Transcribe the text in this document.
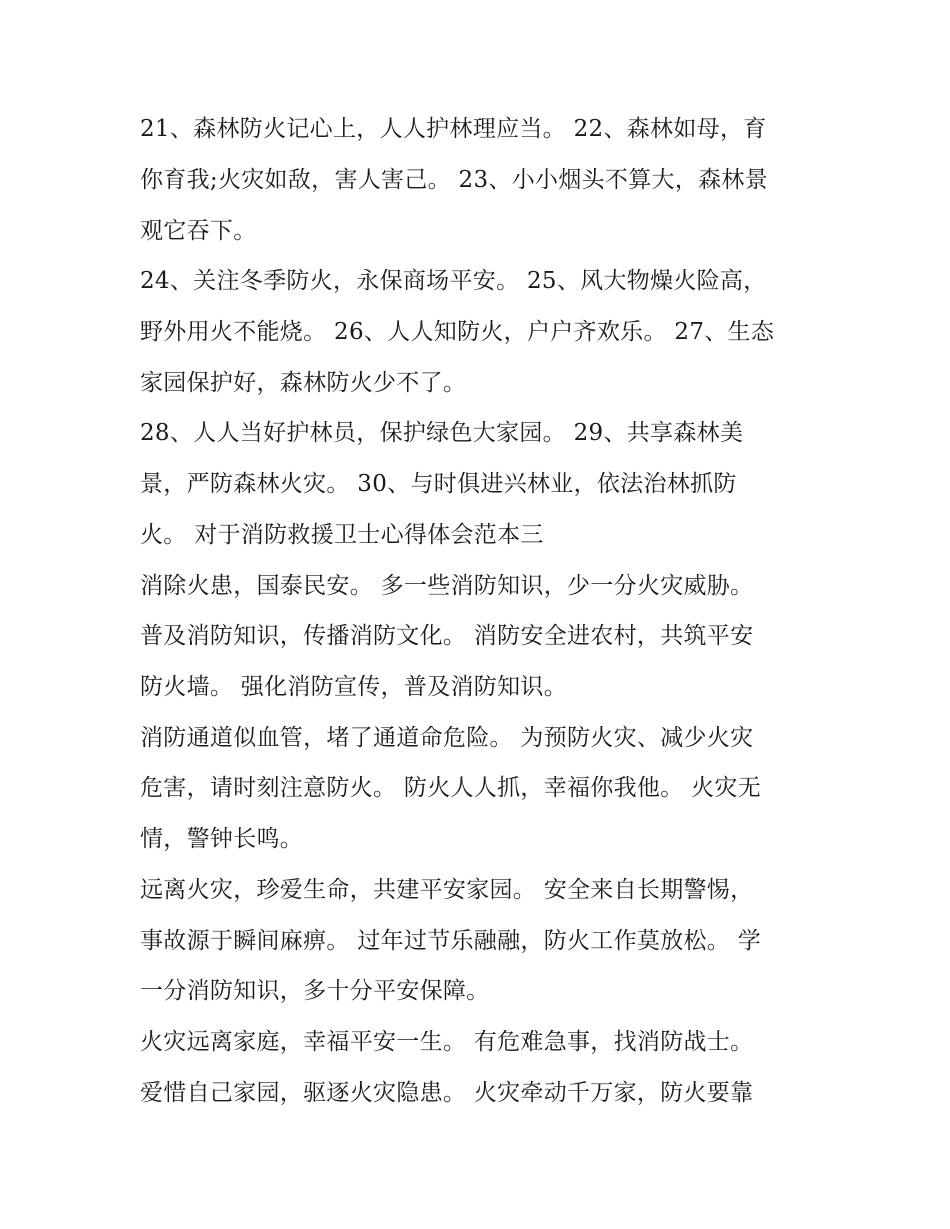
21、森林防火记心上，人人护林理应当。 22、森林如母，育
你育我;火灾如敌，害人害己。 23、小小烟头不算大，森林景
观它吞下。
24、关注冬季防火，永保商场平安。 25、风大物燥火险高，
野外用火不能烧。 26、人人知防火，户户齐欢乐。 27、生态
家园保护好，森林防火少不了。
28、人人当好护林员，保护绿色大家园。 29、共享森林美
景，严防森林火灾。 30、与时俱进兴林业，依法治林抓防
火。 对于消防救援卫士心得体会范本三
消除火患，国泰民安。 多一些消防知识，少一分火灾威胁。
普及消防知识，传播消防文化。 消防安全进农村，共筑平安
防火墙。 强化消防宣传，普及消防知识。
消防通道似血管，堵了通道命危险。 为预防火灾、减少火灾
危害，请时刻注意防火。 防火人人抓，幸福你我他。 火灾无
情，警钟长鸣。
远离火灾，珍爱生命，共建平安家园。 安全来自长期警惕，
事故源于瞬间麻痹。 过年过节乐融融，防火工作莫放松。 学
一分消防知识，多十分平安保障。
火灾远离家庭，幸福平安一生。 有危难急事，找消防战士。
爱惜自己家园，驱逐火灾隐患。 火灾牵动千万家，防火要靠
